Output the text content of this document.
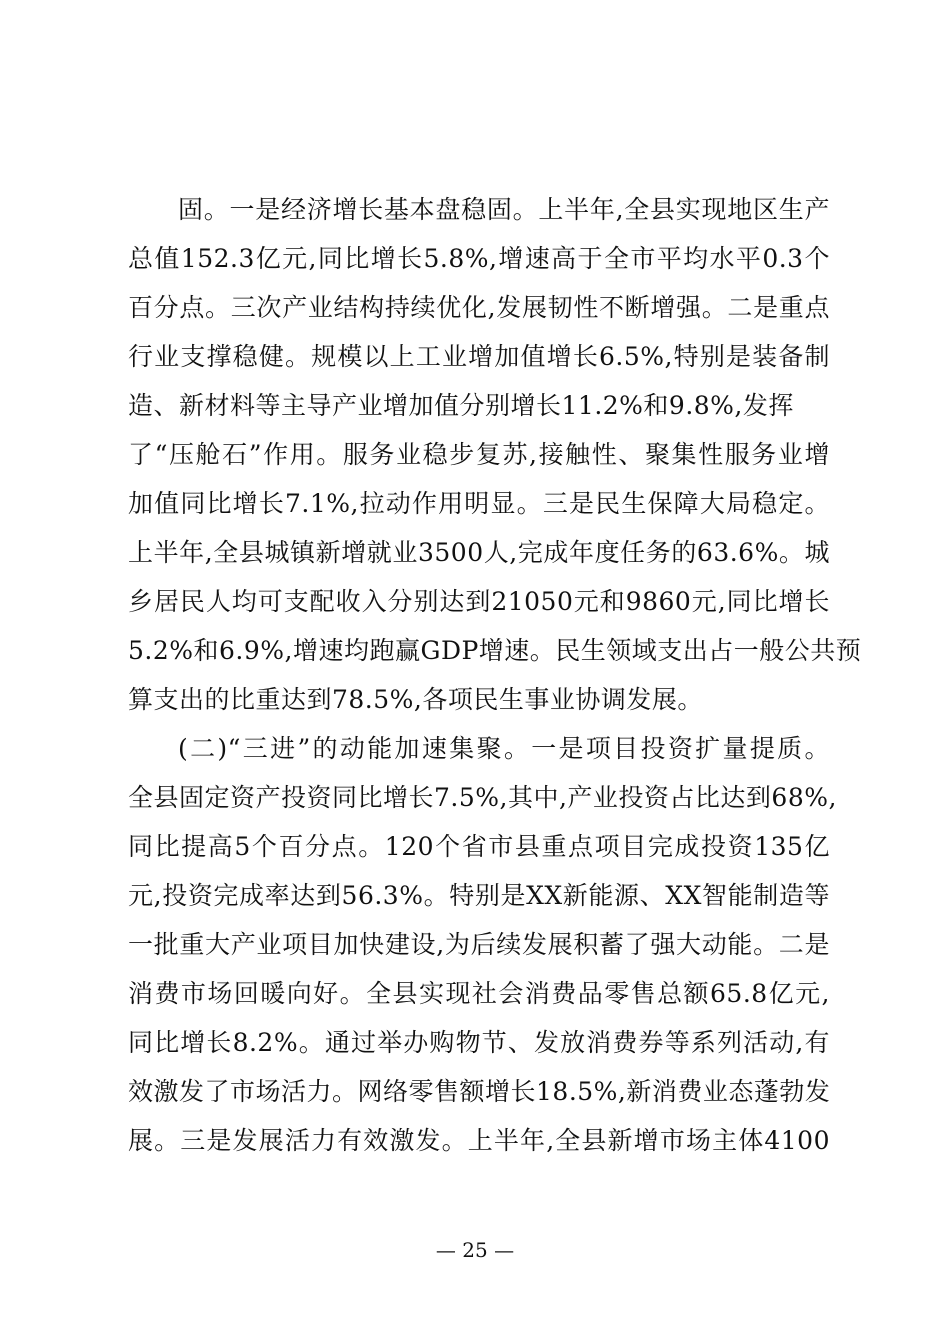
固。一是经济增长基本盘稳固。上半年,全县实现地区生产
总值152.3亿元,同比增长5.8%,增速高于全市平均水平0.3个
百分点。三次产业结构持续优化,发展韧性不断增强。二是重点
行业支撑稳健。规模以上工业增加值增长6.5%,特别是装备制
造、新材料等主导产业增加值分别增长11.2%和9.8%,发挥
了“压舱石”作用。服务业稳步复苏,接触性、聚集性服务业增
加值同比增长7.1%,拉动作用明显。三是民生保障大局稳定。
上半年,全县城镇新增就业3500人,完成年度任务的63.6%。城
乡居民人均可支配收入分别达到21050元和9860元,同比增长
5.2%和6.9%,增速均跑赢GDP增速。民生领域支出占一般公共预
算支出的比重达到78.5%,各项民生事业协调发展。
(二)“三进”的动能加速集聚。一是项目投资扩量提质。
全县固定资产投资同比增长7.5%,其中,产业投资占比达到68%,
同比提高5个百分点。120个省市县重点项目完成投资135亿
元,投资完成率达到56.3%。特别是XX新能源、XX智能制造等
一批重大产业项目加快建设,为后续发展积蓄了强大动能。二是
消费市场回暖向好。全县实现社会消费品零售总额65.8亿元,
同比增长8.2%。通过举办购物节、发放消费券等系列活动,有
效激发了市场活力。网络零售额增长18.5%,新消费业态蓬勃发
展。三是发展活力有效激发。上半年,全县新增市场主体4100
— 25 —
